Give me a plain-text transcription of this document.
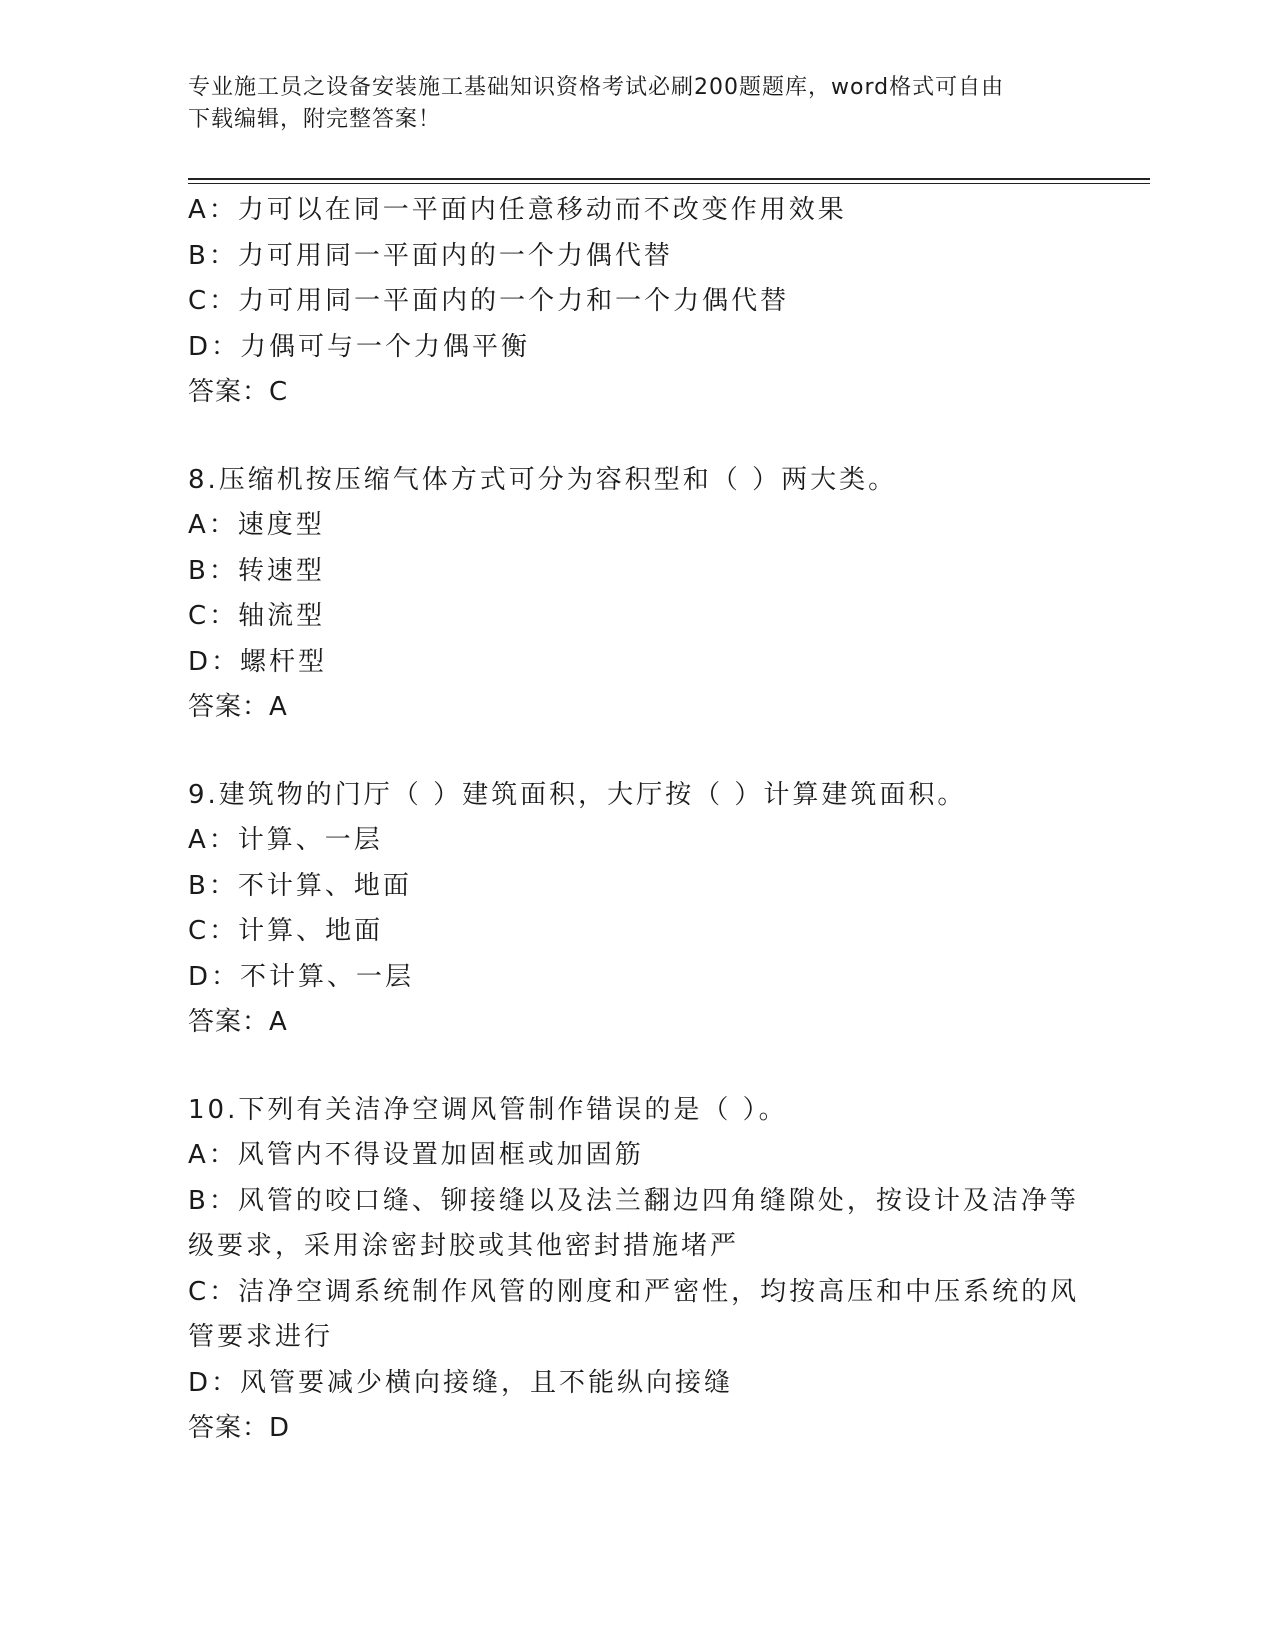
专业施工员之设备安装施工基础知识资格考试必刷200题题库，word格式可自由
下载编辑，附完整答案！
A：力可以在同一平面内任意移动而不改变作用效果
B：力可用同一平面内的一个力偶代替
C：力可用同一平面内的一个力和一个力偶代替
D：力偶可与一个力偶平衡
答案：C
8.压缩机按压缩气体方式可分为容积型和（ ）两大类。
A：速度型
B：转速型
C：轴流型
D：螺杆型
答案：A
9.建筑物的门厅（ ）建筑面积，大厅按（ ）计算建筑面积。
A：计算、一层
B：不计算、地面
C：计算、地面
D：不计算、一层
答案：A
10.下列有关洁净空调风管制作错误的是（ ）。
A：风管内不得设置加固框或加固筋
B：风管的咬口缝、铆接缝以及法兰翻边四角缝隙处，按设计及洁净等级要求，采用涂密封胶或其他密封措施堵严
C：洁净空调系统制作风管的刚度和严密性，均按高压和中压系统的风管要求进行
D：风管要减少横向接缝，且不能纵向接缝
答案：D
